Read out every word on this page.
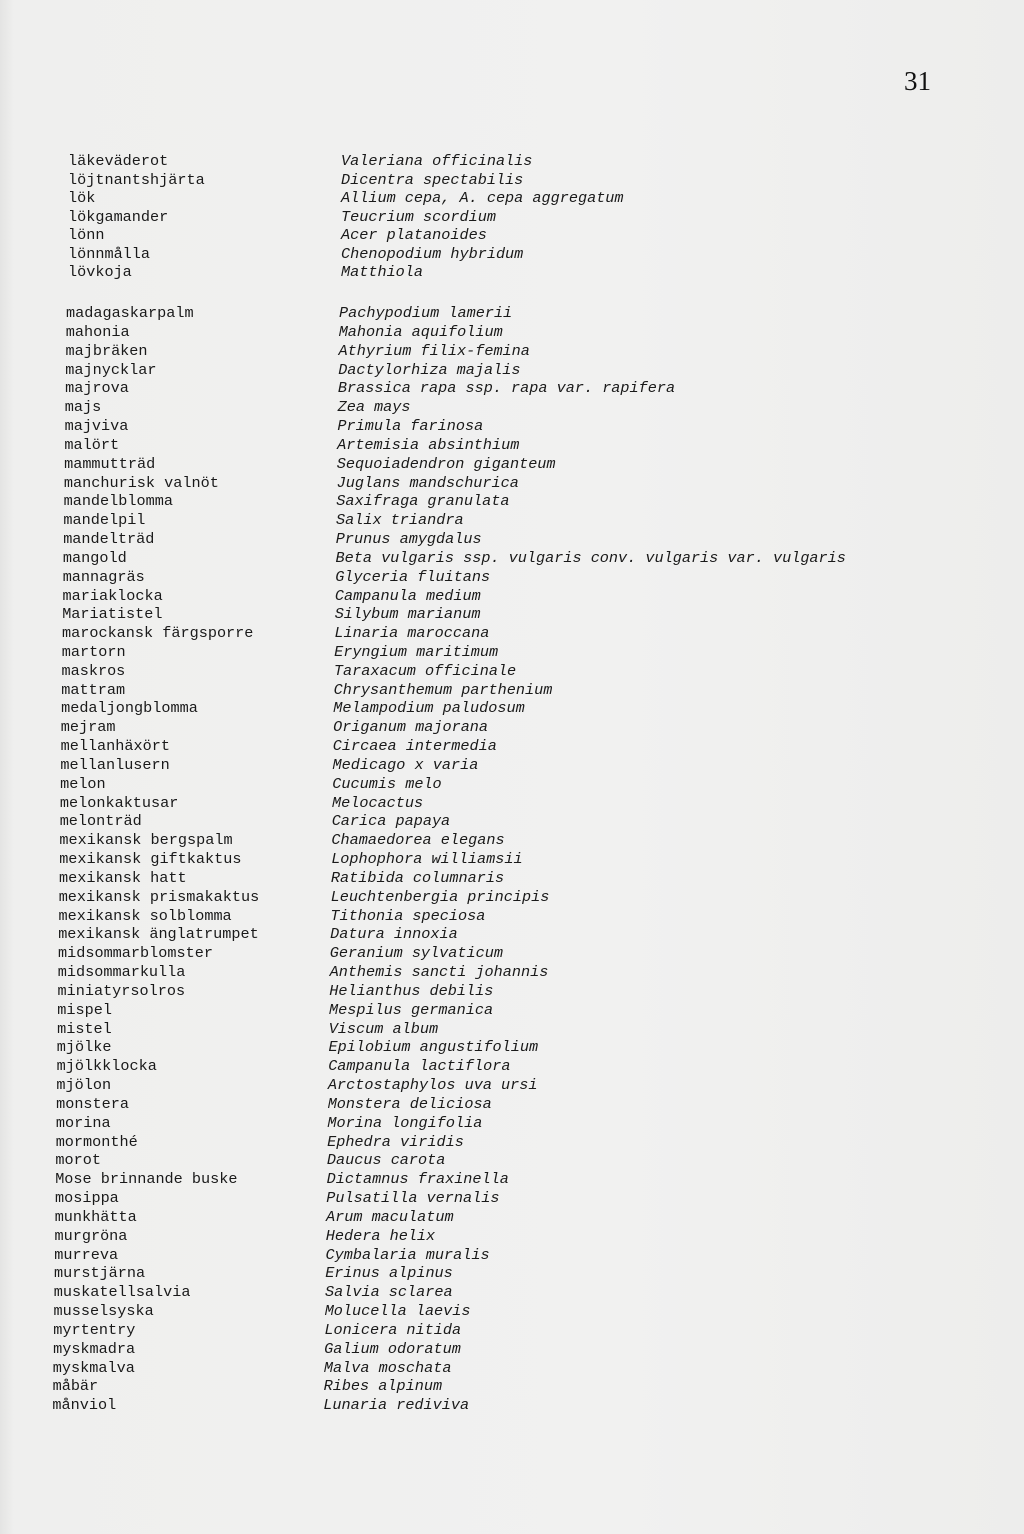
31
läkeväderot	Valeriana officinalis
löjtnantshjärta	Dicentra spectabilis
lök	Allium cepa, A. cepa aggregatum
lökgamander	Teucrium scordium
lönn	Acer platanoides
lönnmålla	Chenopodium hybridum
lövkoja	Matthiola
madagaskarpalm	Pachypodium lamerii
mahonia	Mahonia aquifolium
majbräken	Athyrium filix-femina
majnycklar	Dactylorhiza majalis
majrova	Brassica rapa ssp. rapa var. rapifera
majs	Zea mays
majviva	Primula farinosa
malört	Artemisia absinthium
mammutträd	Sequoiadendron giganteum
manchurisk valnöt	Juglans mandschurica
mandelblomma	Saxifraga granulata
mandelpil	Salix triandra
mandelträd	Prunus amygdalus
mangold	Beta vulgaris ssp. vulgaris conv. vulgaris var. vulgaris
mannagräs	Glyceria fluitans
mariaklocka	Campanula medium
Mariatistel	Silybum marianum
marockansk färgsporre	Linaria maroccana
martorn	Eryngium maritimum
maskros	Taraxacum officinale
mattram	Chrysanthemum parthenium
medaljongblomma	Melampodium paludosum
mejram	Origanum majorana
mellanhäxört	Circaea intermedia
mellanlusern	Medicago x varia
melon	Cucumis melo
melonkaktusar	Melocactus
melonträd	Carica papaya
mexikansk bergspalm	Chamaedorea elegans
mexikansk giftkaktus	Lophophora williamsii
mexikansk hatt	Ratibida columnaris
mexikansk prismakaktus	Leuchtenbergia principis
mexikansk solblomma	Tithonia speciosa
mexikansk änglatrumpet	Datura innoxia
midsommarblomster	Geranium sylvaticum
midsommarkulla	Anthemis sancti johannis
miniatyrsolros	Helianthus debilis
mispel	Mespilus germanica
mistel	Viscum album
mjölke	Epilobium angustifolium
mjölkklocka	Campanula lactiflora
mjölon	Arctostaphylos uva ursi
monstera	Monstera deliciosa
morina	Morina longifolia
mormonthé	Ephedra viridis
morot	Daucus carota
Mose brinnande buske	Dictamnus fraxinella
mosippa	Pulsatilla vernalis
munkhätta	Arum maculatum
murgröna	Hedera helix
murreva	Cymbalaria muralis
murstjärna	Erinus alpinus
muskatellsalvia	Salvia sclarea
musselsyska	Molucella laevis
myrtentry	Lonicera nitida
myskmadra	Galium odoratum
myskmalva	Malva moschata
måbär	Ribes alpinum
månviol	Lunaria rediviva
